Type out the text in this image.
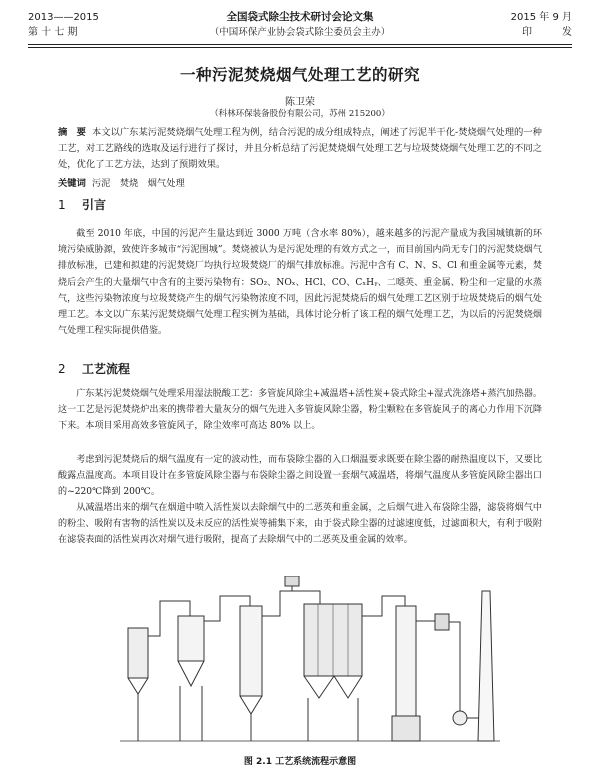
2013——2015
第 十 七 期
全国袋式除尘技术研讨会论文集
（中国环保产业协会袋式除尘委员会主办）
2015 年 9 月
印　　　发
一种污泥焚烧烟气处理工艺的研究
陈卫荣
（科林环保装备股份有限公司，苏州 215200）
摘　要 本文以广东某污泥焚烧烟气处理工程为例，结合污泥的成分组成特点，阐述了污泥半干化-焚烧烟气处理的一种工艺，对工艺路线的选取及运行进行了探讨，并且分析总结了污泥焚烧烟气处理工艺与垃圾焚烧烟气处理工艺的不同之处，优化了工艺方法，达到了预期效果。
关键词 污泥　焚烧　烟气处理
1 引言

截至 2010 年底，中国的污泥产生量达到近 3000 万吨（含水率 80%），越来越多的污泥产量成为我国城镇新的环境污染威胁源，致使许多城市“污泥围城”。焚烧被认为是污泥处理的有效方式之一，而目前国内尚无专门的污泥焚烧烟气排放标准，已建和拟建的污泥焚烧厂均执行垃圾焚烧厂的烟气排放标准。污泥中含有 C、N、S、Cl 和重金属等元素，焚烧后会产生的大量烟气中含有的主要污染物有：SO₂、NOₓ、HCl、CO、CₓHᵧ、二噁英、重金属、粉尘和一定量的水蒸气，这些污染物浓度与垃圾焚烧产生的烟气污染物浓度不同，因此污泥焚烧后的烟气处理工艺区别于垃圾焚烧后的烟气处理工艺。本文以广东某污泥焚烧烟气处理工程实例为基础，具体讨论分析了该工程的烟气处理工艺，为以后的污泥焚烧烟气处理工程实际提供借鉴。

2 工艺流程

广东某污泥焚烧烟气处理采用湿法脱酸工艺：多管旋风除尘+减温塔+活性炭+袋式除尘+湿式洗涤塔+蒸汽加热器。这一工艺是污泥焚烧炉出来的携带着大量灰分的烟气先进入多管旋风除尘器，粉尘颗粒在多管旋风子的离心力作用下沉降下来。本项目采用高效多管旋风子，除尘效率可高达 80% 以上。

考虑到污泥焚烧后的烟气温度有一定的波动性，而布袋除尘器的入口烟温要求既要在除尘器的耐热温度以下，又要比酸露点温度高。本项目设计在多管旋风除尘器与布袋除尘器之间设置一套烟气减温塔，将烟气温度从多管旋风除尘器出口的~220℃降到 200℃。

从减温塔出来的烟气在烟道中喷入活性炭以去除烟气中的二恶英和重金属，之后烟气进入布袋除尘器，滤袋将烟气中的粉尘、吸附有害物的活性炭以及未反应的活性炭等捕集下来，由于袋式除尘器的过滤速度低，过滤面积大，有利于吸附在滤袋表面的活性炭再次对烟气进行吸附，提高了去除烟气中的二恶英及重金属的效率。

图 2.1 工艺系统流程示意图
